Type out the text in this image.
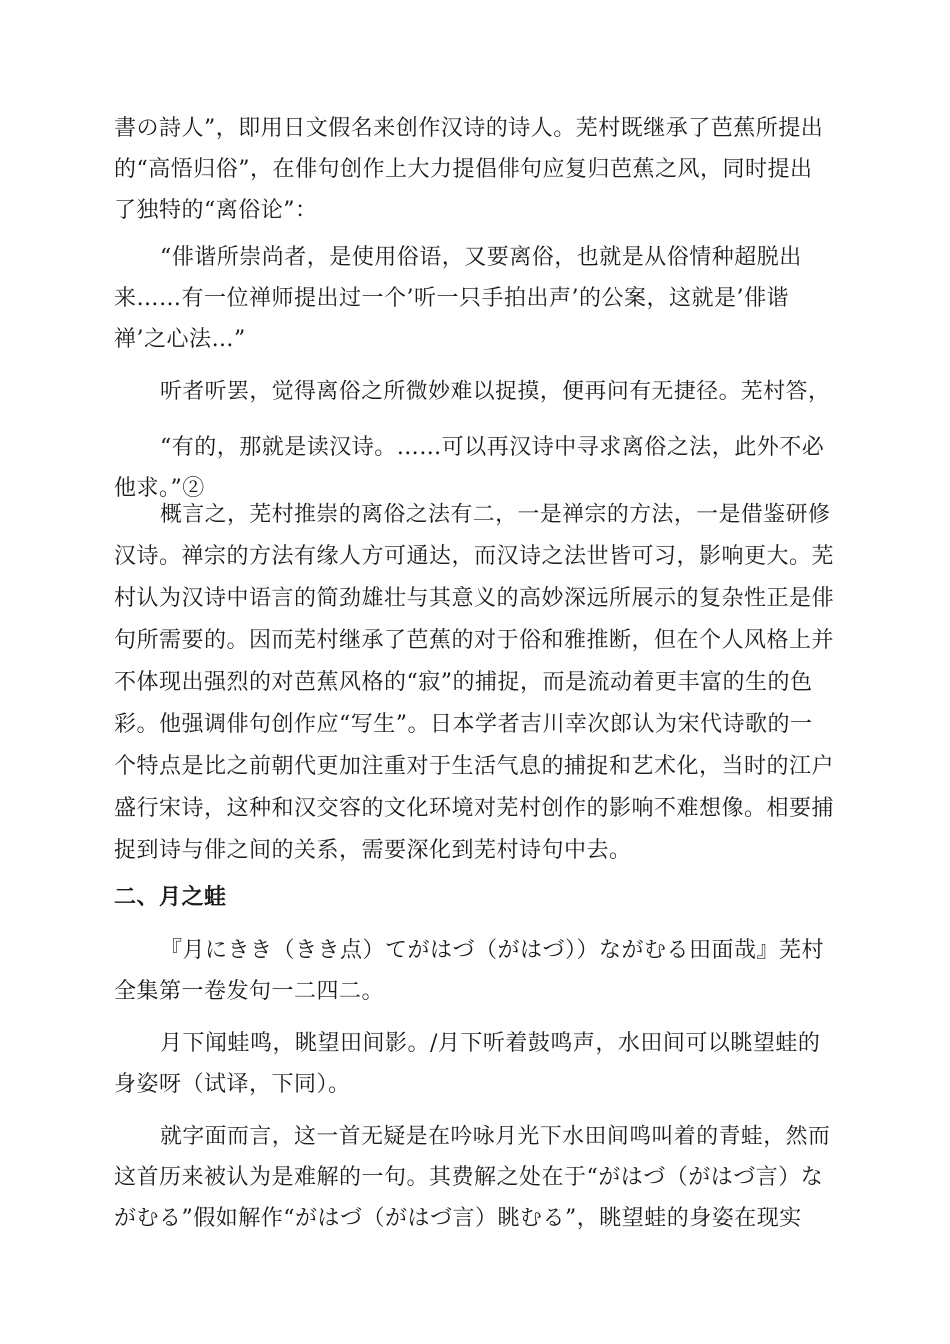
書の詩人”，即用日文假名来创作汉诗的诗人。芜村既继承了芭蕉所提出
的“高悟归俗”，在俳句创作上大力提倡俳句应复归芭蕉之风，同时提出
了独特的“离俗论”：
“俳谐所崇尚者，是使用俗语，又要离俗，也就是从俗情种超脱出
来……有一位禅师提出过一个’听一只手拍出声’的公案，这就是’俳谐
禅’之心法…”
听者听罢，觉得离俗之所微妙难以捉摸，便再问有无捷径。芜村答，
“有的，那就是读汉诗。……可以再汉诗中寻求离俗之法，此外不必
他求。”②
概言之，芜村推崇的离俗之法有二，一是禅宗的方法，一是借鉴研修
汉诗。禅宗的方法有缘人方可通达，而汉诗之法世皆可习，影响更大。芜
村认为汉诗中语言的简劲雄壮与其意义的高妙深远所展示的复杂性正是俳
句所需要的。因而芜村继承了芭蕉的对于俗和雅推断，但在个人风格上并
不体现出强烈的对芭蕉风格的“寂”的捕捉，而是流动着更丰富的生的色
彩。他强调俳句创作应“写生”。日本学者吉川幸次郎认为宋代诗歌的一
个特点是比之前朝代更加注重对于生活气息的捕捉和艺术化，当时的江户
盛行宋诗，这种和汉交容的文化环境对芜村创作的影响不难想像。相要捕
捉到诗与俳之间的关系，需要深化到芜村诗句中去。
二、月之蛙
『月にきき（きき点）てがはづ（がはづ））ながむる田面哉』芜村
全集第一卷发句一二四二。
月下闻蛙鸣，眺望田间影。/月下听着鼓鸣声，水田间可以眺望蛙的
身姿呀（试译，下同）。
就字面而言，这一首无疑是在吟咏月光下水田间鸣叫着的青蛙，然而
这首历来被认为是难解的一句。其费解之处在于“がはづ（がはづ言）な
がむる”假如解作“がはづ（がはづ言）眺むる”，眺望蛙的身姿在现实
